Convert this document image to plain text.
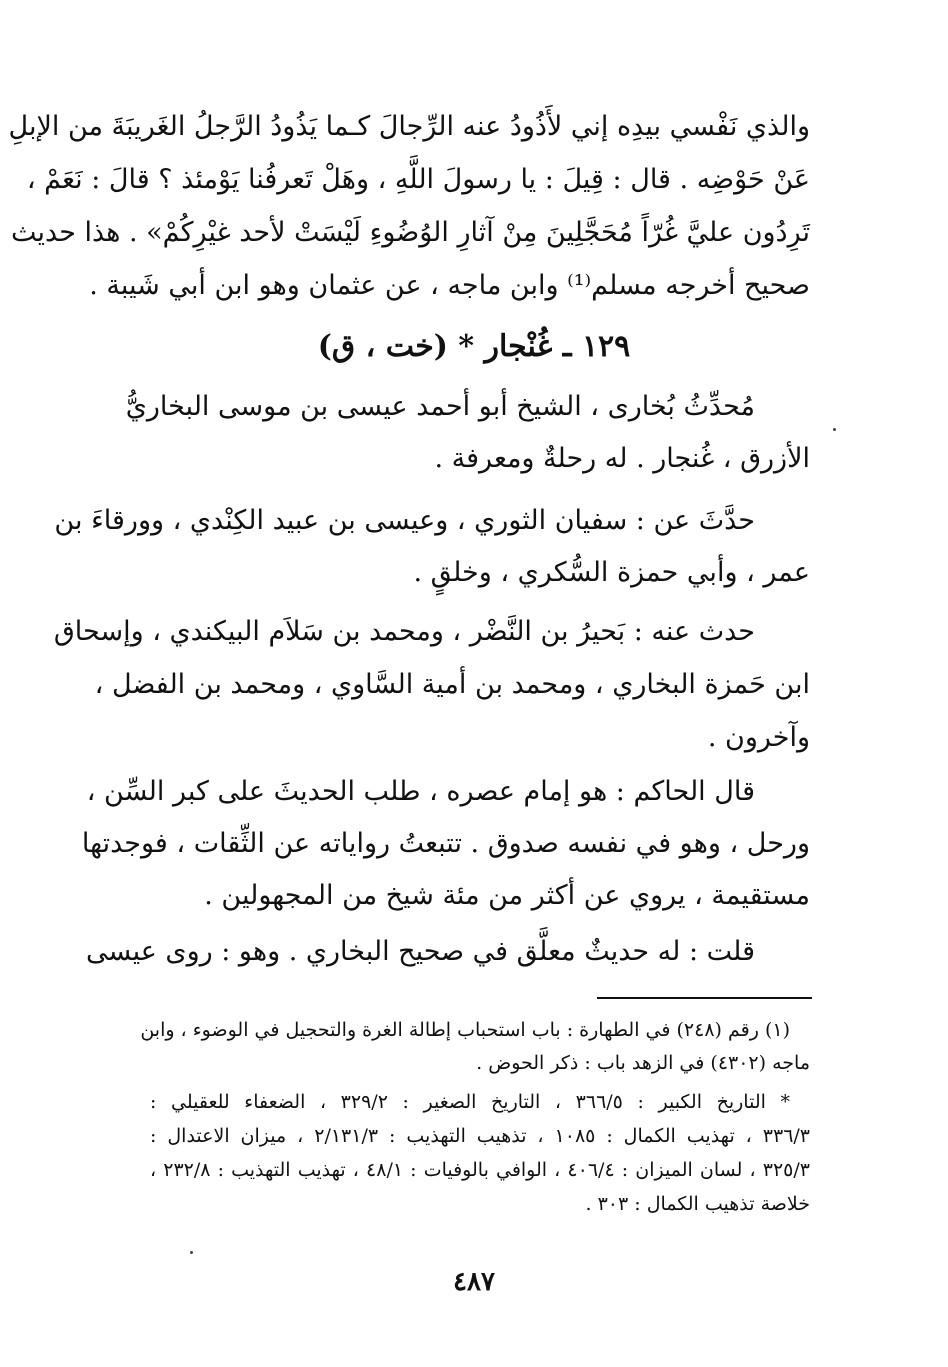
والذي نَفْسي بيدِه إني لأَذُودُ عنه الرِّجالَ كـما يَذُودُ الرَّجلُ الغَريبَةَ من الإبلِ
عَنْ حَوْضِه . قال : قِيلَ : يا رسولَ اللَّهِ ، وهَلْ تَعرفُنا يَوْمئذ ؟ قالَ : نَعَمْ ،
تَرِدُون عليَّ غُرّاً مُحَجَّلِينَ مِنْ آثارِ الوُضُوءِ لَيْسَتْ لأحد غيْرِكُمْ» . هذا حديث
صحيح أخرجه مسلم⁽¹⁾ وابن ماجه ، عن عثمان وهو ابن أبي شَيبة .
١٢٩ ـ غُنْجار * (خت ، ق)
مُحدِّثُ بُخارى ، الشيخ أبو أحمد عيسى بن موسى البخاريُّ
الأزرق ، غُنجار . له رحلةٌ ومعرفة .
حدَّثَ عن : سفيان الثوري ، وعيسى بن عبيد الكِنْدي ، وورقاءَ بن
عمر ، وأبي حمزة السُّكري ، وخلقٍ .
حدث عنه : بَحيرُ بن النَّضْر ، ومحمد بن سَلاَم البيكندي ، وإسحاق
ابن حَمزة البخاري ، ومحمد بن أمية السَّاوي ، ومحمد بن الفضل ،
وآخرون .
قال الحاكم : هو إمام عصره ، طلب الحديثَ على كبر السِّن ،
ورحل ، وهو في نفسه صدوق . تتبعتُ رواياته عن الثِّقات ، فوجدتها
مستقيمة ، يروي عن أكثر من مئة شيخ من المجهولين .
قلت : له حديثٌ معلَّق في صحيح البخاري . وهو : روى عيسى
(١) رقم (٢٤٨) في الطهارة : باب استحباب إطالة الغرة والتحجيل في الوضوء ، وابن
ماجه (٤٣٠٢) في الزهد باب : ذكر الحوض .
* التاريخ الكبير : ٣٦٦/٥ ، التاريخ الصغير : ٣٢٩/٢ ، الضعفاء للعقيلي :
٣٣٦/٣ ، تهذيب الكمال : ١٠٨٥ ، تذهيب التهذيب : ٢/١٣١/٣ ، ميزان الاعتدال :
٣٢٥/٣ ، لسان الميزان : ٤٠٦/٤ ، الوافي بالوفيات : ٤٨/١ ، تهذيب التهذيب : ٢٣٢/٨ ،
خلاصة تذهيب الكمال : ٣٠٣ .
٤٨٧
